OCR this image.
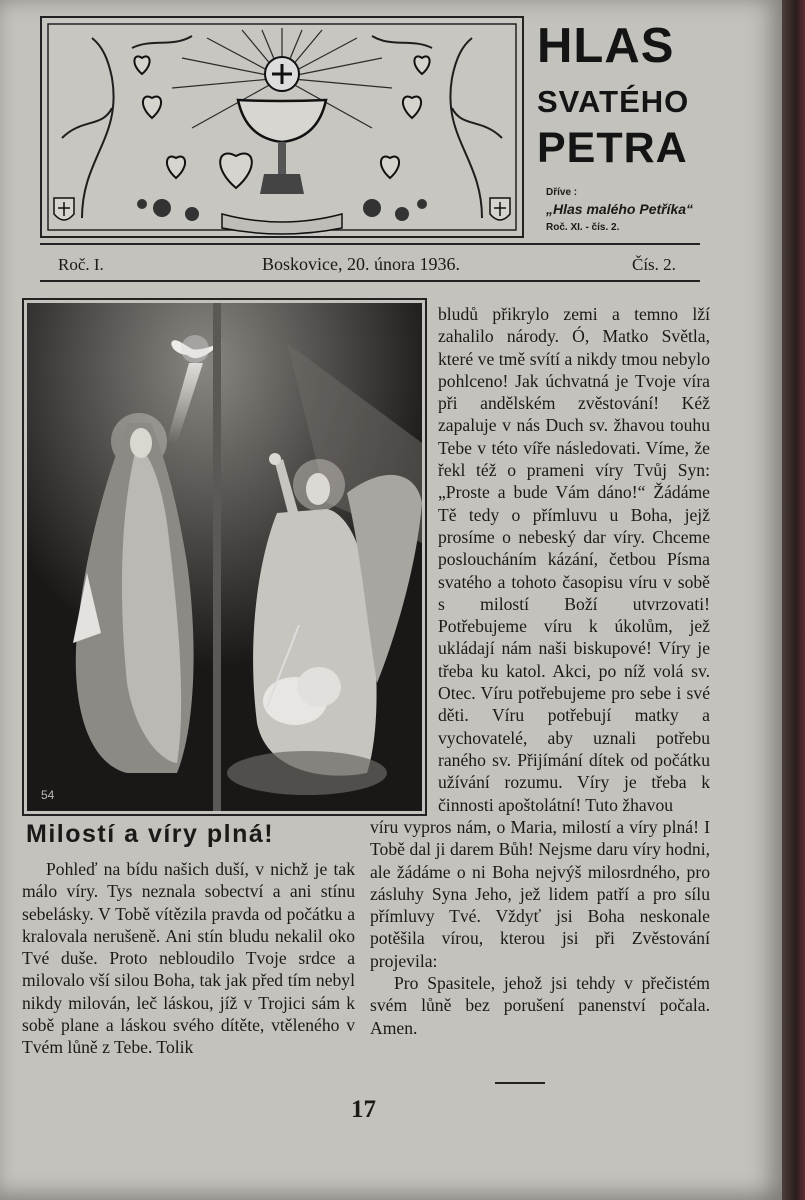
HLAS
SVATÉHO
PETRA
Dříve :
„Hlas malého Petříka“
Roč. XI. - čís. 2.
Roč. I.	Boskovice, 20. února 1936.	Čís. 2.
54
Milostí a víry plná!

Pohleď na bídu našich duší, v nichž je tak málo víry. Tys neznala sobectví a ani stínu sebelásky. V Tobě vítězila pravda od počátku a kralovala nerušeně. Ani stín bludu nekalil oko Tvé duše. Proto nebloudilo Tvoje srdce a milovalo vší silou Boha, tak jak před tím nebyl nikdy milován, leč láskou, jíž v Trojici sám k sobě plane a láskou svého dítěte, vtěleného v Tvém lůně z Tebe. Tolik

bludů přikrylo zemi a temno lží zahalilo národy. Ó, Matko Světla, které ve tmě svítí a nikdy tmou nebylo pohlceno! Jak úchvatná je Tvoje víra při andělském zvěstování! Kéž zapaluje v nás Duch sv. žhavou touhu Tebe v této víře následovati. Víme, že řekl též o prameni víry Tvůj Syn: „Proste a bude Vám dáno!“ Žádáme Tě tedy o přímluvu u Boha, jejž prosíme o nebeský dar víry. Chceme posloucháním kázání, četbou Písma svatého a tohoto časopisu víru v sobě s milostí Boží utvrzovati! Potřebujeme víru k úkolům, jež ukládají nám naši biskupové! Víry je třeba ku katol. Akci, po níž volá sv. Otec. Víru potřebujeme pro sebe i své děti. Víru potřebují matky a vychovatelé, aby uznali potřebu raného sv. Přijímání dítek od počátku užívání rozumu. Víry je třeba k činnosti apoštolátní! Tuto žhavou

víru vypros nám, o Maria, milostí a víry plná! I Tobě dal ji darem Bůh! Nejsme daru víry hodni, ale žádáme o ni Boha nejvýš milosrdného, pro zásluhy Syna Jeho, jež lidem patří a pro sílu přímluvy Tvé. Vždyť jsi Boha neskonale potěšila vírou, kterou jsi při Zvěstování projevila:

Pro Spasitele, jehož jsi tehdy v přečistém svém lůně bez porušení panenství počala. Amen.

17
